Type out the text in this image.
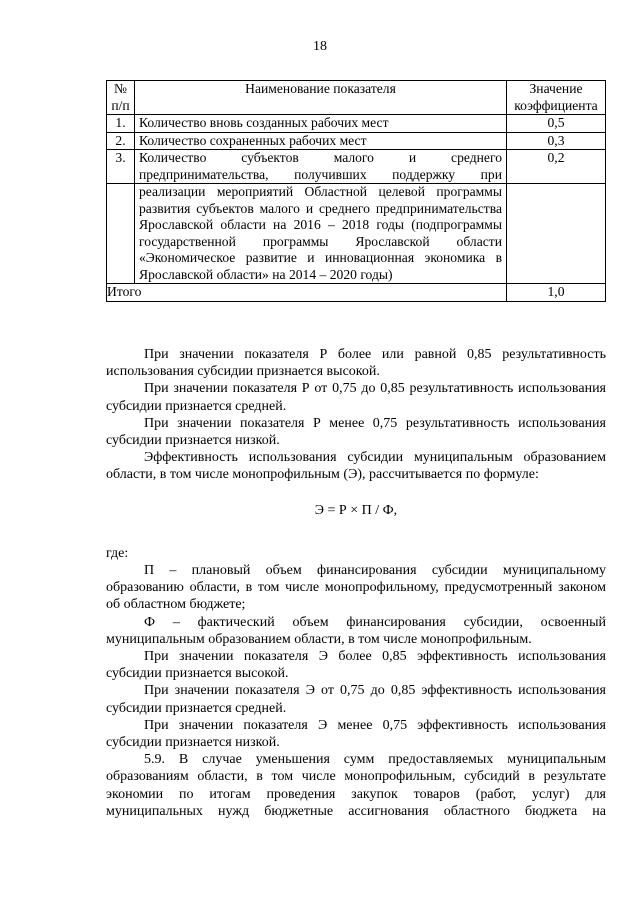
18
№
п/п	Наименование показателя	Значение
коэффициента
1.	Количество вновь созданных рабочих мест	0,5
2.	Количество сохраненных рабочих мест	0,3
3.	Количество субъектов малого и среднего предпринимательства, получивших поддержку при	0,2
	реализации мероприятий Областной целевой программы развития субъектов малого и среднего предпринимательства Ярославской области на 2016 – 2018 годы (подпрограммы государственной программы Ярославской области «Экономическое развитие и инновационная экономика в Ярославской области» на 2014 – 2020 годы)	
Итого		1,0

При значении показателя Р более или равной 0,85 результативность использования субсидии признается высокой.

При значении показателя Р от 0,75 до 0,85 результативность использования субсидии признается средней.

При значении показателя Р менее 0,75 результативность использования субсидии признается низкой.

Эффективность использования субсидии муниципальным образованием области, в том числе монопрофильным (Э), рассчитывается по формуле:

Э = Р × П / Ф,

где:

П – плановый объем финансирования субсидии муниципальному образованию области, в том числе монопрофильному, предусмотренный законом об областном бюджете;

Ф – фактический объем финансирования субсидии, освоенный муниципальным образованием области, в том числе монопрофильным.

При значении показателя Э более 0,85 эффективность использования субсидии признается высокой.

При значении показателя Э от 0,75 до 0,85 эффективность использования субсидии признается средней.

При значении показателя Э менее 0,75 эффективность использования субсидии признается низкой.

5.9. В случае уменьшения сумм предоставляемых муниципальным образованиям области, в том числе монопрофильным, субсидий в результате экономии по итогам проведения закупок товаров (работ, услуг) для муниципальных нужд бюджетные ассигнования областного бюджета на
